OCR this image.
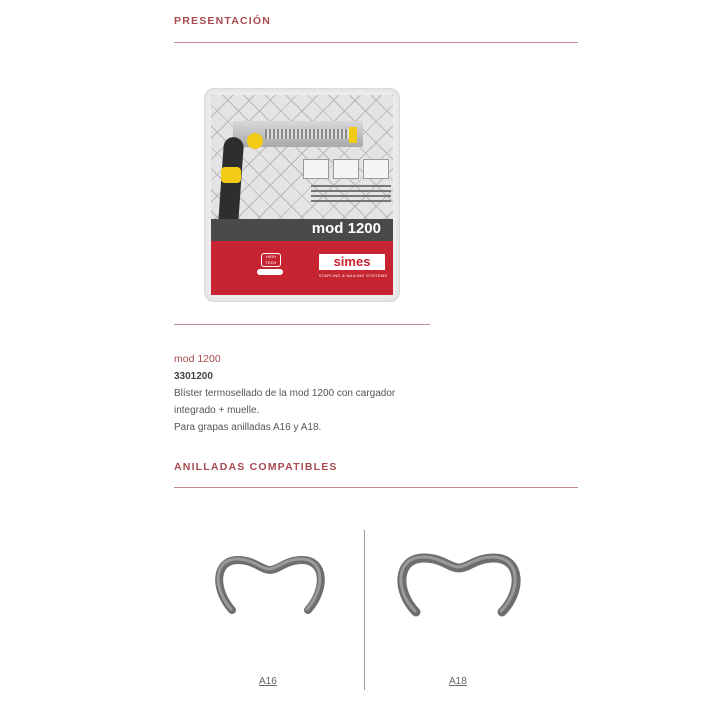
PRESENTACIÓN
mod 1200
HIGH TECH	simes
STAPLING & NAILING SYSTEMS
mod 1200
3301200
Blíster termosellado de la mod 1200 con cargador
integrado + muelle.
Para grapas anilladas A16 y A18.
ANILLADAS COMPATIBLES
A16	A18
